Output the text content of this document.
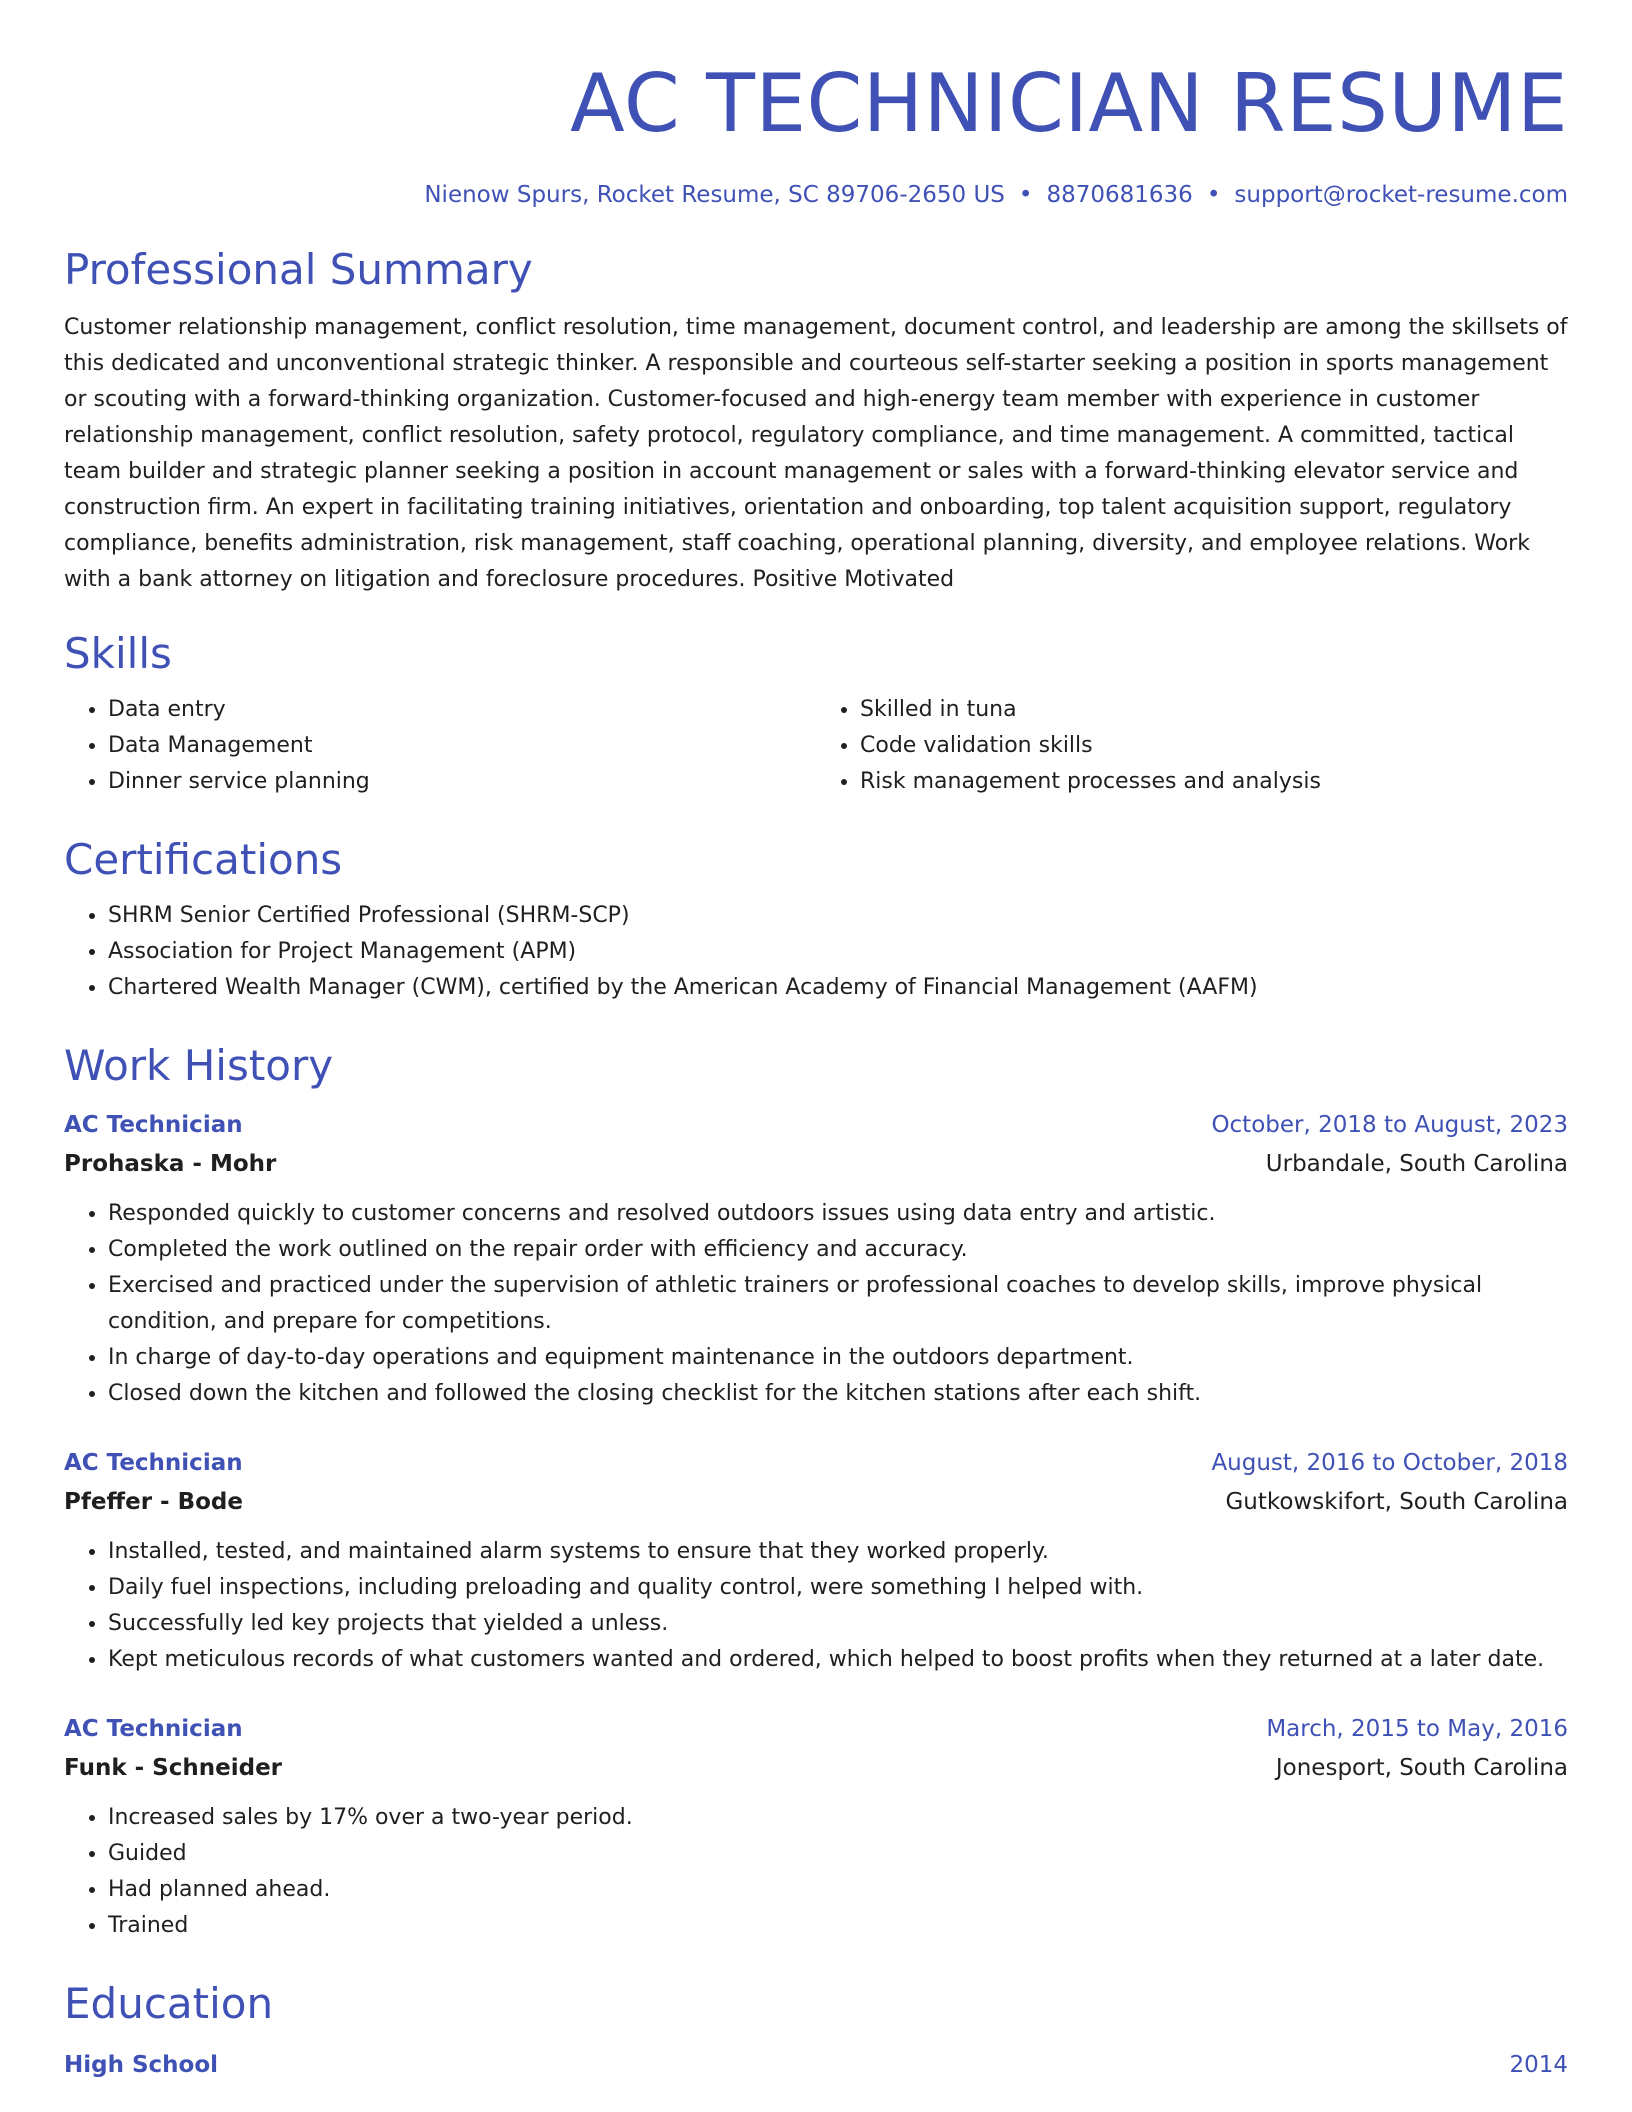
AC TECHNICIAN RESUME
Nienow Spurs, Rocket Resume, SC 89706-2650 US • 8870681636 • support@rocket-resume.com
Professional Summary
Customer relationship management, conflict resolution, time management, document control, and leadership are among the skillsets of this dedicated and unconventional strategic thinker. A responsible and courteous self-starter seeking a position in sports management or scouting with a forward-thinking organization. Customer-focused and high-energy team member with experience in customer relationship management, conflict resolution, safety protocol, regulatory compliance, and time management. A committed, tactical team builder and strategic planner seeking a position in account management or sales with a forward-thinking elevator service and construction firm. An expert in facilitating training initiatives, orientation and onboarding, top talent acquisition support, regulatory compliance, benefits administration, risk management, staff coaching, operational planning, diversity, and employee relations. Work with a bank attorney on litigation and foreclosure procedures. Positive Motivated
Skills
• Data entry
• Data Management
• Dinner service planning
• Skilled in tuna
• Code validation skills
• Risk management processes and analysis
Certifications
• SHRM Senior Certified Professional (SHRM-SCP)
• Association for Project Management (APM)
• Chartered Wealth Manager (CWM), certified by the American Academy of Financial Management (AAFM)
Work History
AC Technician	October, 2018 to August, 2023
Prohaska - Mohr	Urbandale, South Carolina
• Responded quickly to customer concerns and resolved outdoors issues using data entry and artistic.
• Completed the work outlined on the repair order with efficiency and accuracy.
• Exercised and practiced under the supervision of athletic trainers or professional coaches to develop skills, improve physical condition, and prepare for competitions.
• In charge of day-to-day operations and equipment maintenance in the outdoors department.
• Closed down the kitchen and followed the closing checklist for the kitchen stations after each shift.
AC Technician	August, 2016 to October, 2018
Pfeffer - Bode	Gutkowskifort, South Carolina
• Installed, tested, and maintained alarm systems to ensure that they worked properly.
• Daily fuel inspections, including preloading and quality control, were something I helped with.
• Successfully led key projects that yielded a unless.
• Kept meticulous records of what customers wanted and ordered, which helped to boost profits when they returned at a later date.
AC Technician	March, 2015 to May, 2016
Funk - Schneider	Jonesport, South Carolina
• Increased sales by 17% over a two-year period.
• Guided
• Had planned ahead.
• Trained
Education
High School	2014
